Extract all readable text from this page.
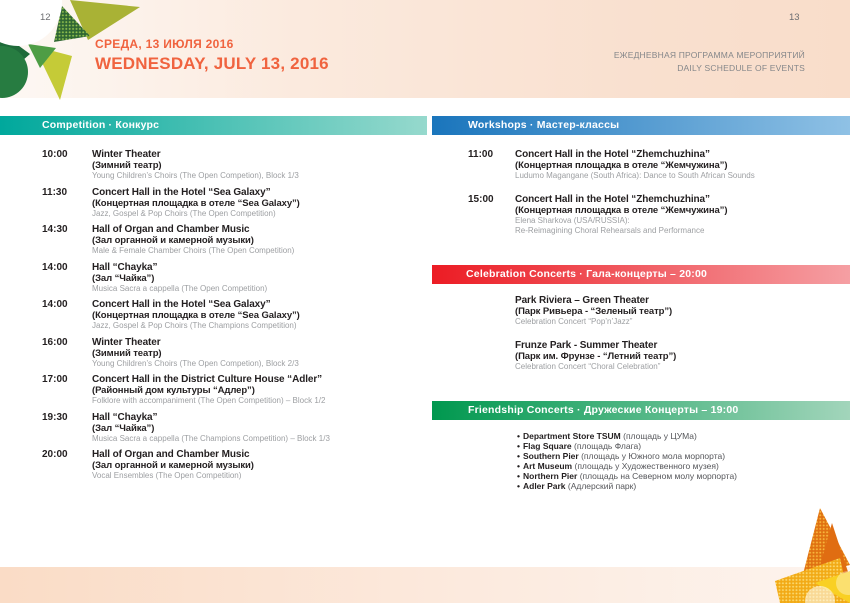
12	13
СРЕДА, 13 ИЮЛЯ 2016
WEDNESDAY, JULY 13, 2016	ЕЖЕДНЕВНАЯ ПРОГРАММА МЕРОПРИЯТИЙ
DAILY SCHEDULE OF EVENTS
Competition · Конкурс	Workshops · Мастер-классы
Celebration Concerts · Гала-концерты – 20:00
Friendship Concerts · Дружеские Концерты – 19:00
10:00	Winter Theater
(Зимний театр)
Young Children’s Choirs (The Open Competion), Block 1/3
11:30	Concert Hall in the Hotel “Sea Galaxy”
(Концертная площадка в отеле “Sea Galaxy”)
Jazz, Gospel & Pop Choirs (The Open Competition)
14:30	Hall of Organ and Chamber Music
(Зал органной и камерной музыки)
Male & Female Chamber Choirs (The Open Competition)
14:00	Hall “Chayka”
(Зал “Чайка”)
Musica Sacra a cappella (The Open Competition)
14:00	Concert Hall in the Hotel “Sea Galaxy”
(Концертная площадка в отеле “Sea Galaxy”)
Jazz, Gospel & Pop Choirs (The Champions Competition)
16:00	Winter Theater
(Зимний театр)
Young Children’s Choirs (The Open Competion), Block 2/3
17:00	Concert Hall in the District Culture House “Adler”
(Районный дом культуры “Адлер”)
Folklore with accompaniment (The Open Competition) – Block 1/2
19:30	Hall “Chayka”
(Зал “Чайка”)
Musica Sacra a cappella (The Champions Competition) – Block 1/3
20:00	Hall of Organ and Chamber Music
(Зал органной и камерной музыки)
Vocal Ensembles (The Open Competition)
11:00	Concert Hall in the Hotel “Zhemchuzhina”
(Концертная площадка в отеле “Жемчужина”)
Ludumo Magangane (South Africa): Dance to South African Sounds
15:00	Concert Hall in the Hotel “Zhemchuzhina”
(Концертная площадка в отеле “Жемчужина”)
Elena Sharkova (USA/RUSSIA):
Re-Reimagining Choral Rehearsals and Performance
Park Riviera – Green Theater
(Парк Ривьера - “Зеленый театр”)
Celebration Concert “Pop’n’Jazz”
Frunze Park - Summer Theater
(Парк им. Фрунзе - “Летний театр”)
Celebration Concert “Choral Celebration”
• Department Store TSUM (площадь у ЦУМа)
• Flag Square (площадь Флага)
• Southern Pier (площадь у Южного мола морпорта)
• Art Museum (площадь у Художественного музея)
• Northern Pier (площадь на Северном молу морпорта)
• Adler Park (Адлерский парк)
